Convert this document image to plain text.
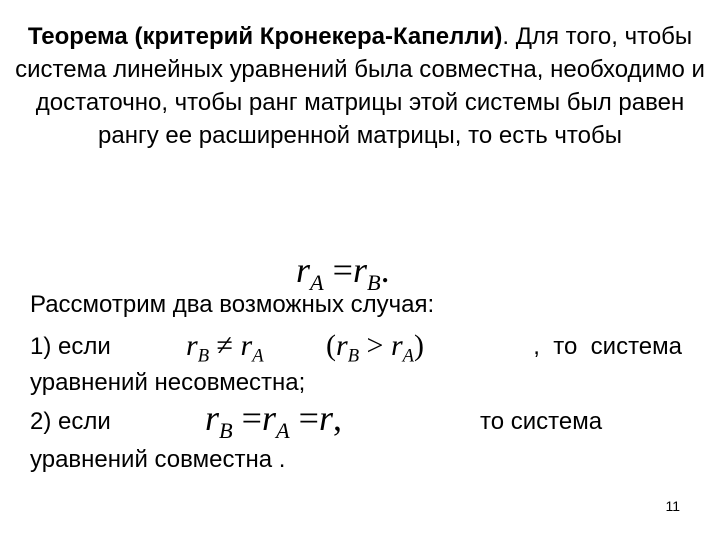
Теорема (критерий Кронекера-Капелли). Для того, чтобы система линейных уравнений была совместна, необходимо и достаточно, чтобы ранг матрицы этой системы был равен рангу ее расширенной матрицы, то есть чтобы
$r_A =r_B$.
Рассмотрим два возможных случая:
1) если	$r_B \ne r_A$ $(r_B > r_A)$	,  то  система
уравнений несовместна;
2) если	$r_B =r_A =r$,	то система
уравнений совместна .
11
